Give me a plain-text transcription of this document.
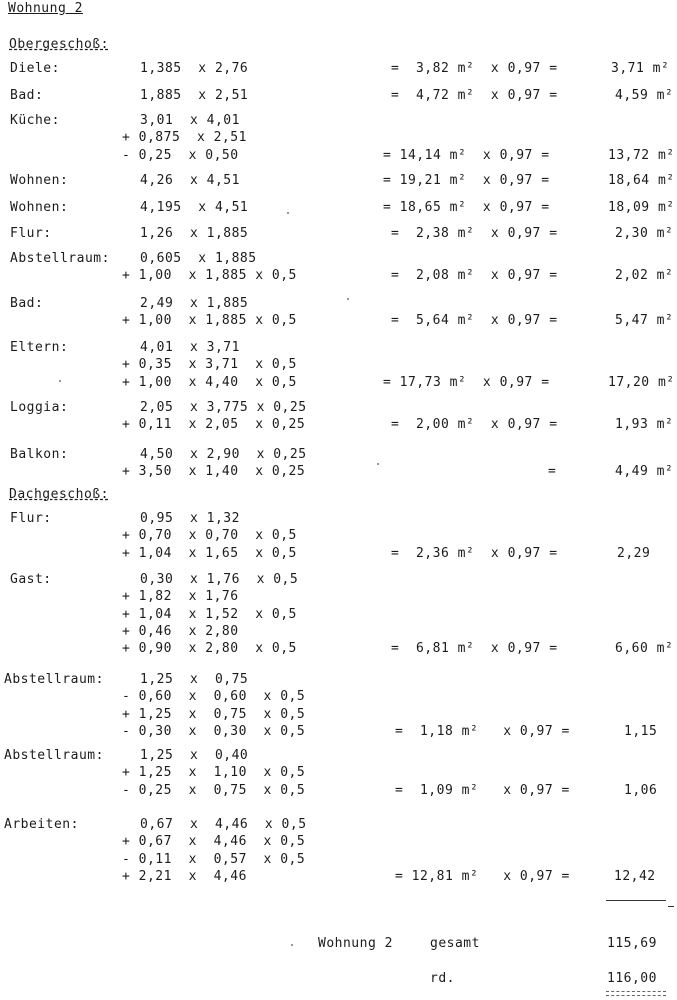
Wohnung 2
Obergeschoß:
Diele:	1,385  x 2,76	=  3,82 m²  x 0,97 =	3,71 m²
Bad:	1,885  x 2,51	=  4,72 m²  x 0,97 =	4,59 m²
Küche:	3,01  x 4,01
+ 0,875  x 2,51
- 0,25  x 0,50	= 14,14 m²  x 0,97 =	13,72 m²
Wohnen:	4,26  x 4,51	= 19,21 m²  x 0,97 =	18,64 m²
Wohnen:	4,195  x 4,51	= 18,65 m²  x 0,97 =	18,09 m²
Flur:	1,26  x 1,885	=  2,38 m²  x 0,97 =	2,30 m²
Abstellraum: 0,605  x 1,885
+ 1,00  x 1,885 x 0,5	=  2,08 m²  x 0,97 =	2,02 m²
Bad:	2,49  x 1,885
+ 1,00  x 1,885 x 0,5	=  5,64 m²  x 0,97 =	5,47 m²
Eltern:	4,01  x 3,71
+ 0,35  x 3,71  x 0,5
+ 1,00  x 4,40  x 0,5	= 17,73 m²  x 0,97 =	17,20 m²
Loggia:	2,05  x 3,775 x 0,25
+ 0,11  x 2,05  x 0,25	=  2,00 m²  x 0,97 =	1,93 m²
Balkon:	4,50  x 2,90  x 0,25
+ 3,50  x 1,40  x 0,25	=	4,49 m²
Flur:	0,95  x 1,32
+ 0,70  x 0,70  x 0,5
+ 1,04  x 1,65  x 0,5	=  2,36 m²  x 0,97 =	2,29
Gast:	0,30  x 1,76  x 0,5
+ 1,82  x 1,76
+ 1,04  x 1,52  x 0,5
+ 0,46  x 2,80
+ 0,90  x 2,80  x 0,5	=  6,81 m²  x 0,97 =	6,60 m²
Abstellraum:	1,25  x  0,75
- 0,60  x  0,60  x 0,5
+ 1,25  x  0,75  x 0,5
- 0,30  x  0,30  x 0,5	=  1,18 m²   x 0,97 =	1,15
Abstellraum:	1,25  x  0,40
+ 1,25  x  1,10  x 0,5
- 0,25  x  0,75  x 0,5	=  1,09 m²   x 0,97 =	1,06
Arbeiten:	0,67  x  4,46  x 0,5
+ 0,67  x  4,46  x 0,5
- 0,11  x  0,57  x 0,5
+ 2,21  x  4,46	= 12,81 m²   x 0,97 =	12,42
Dachgeschoß:
Wohnung 2	gesamt	115,69
rd.	116,00
